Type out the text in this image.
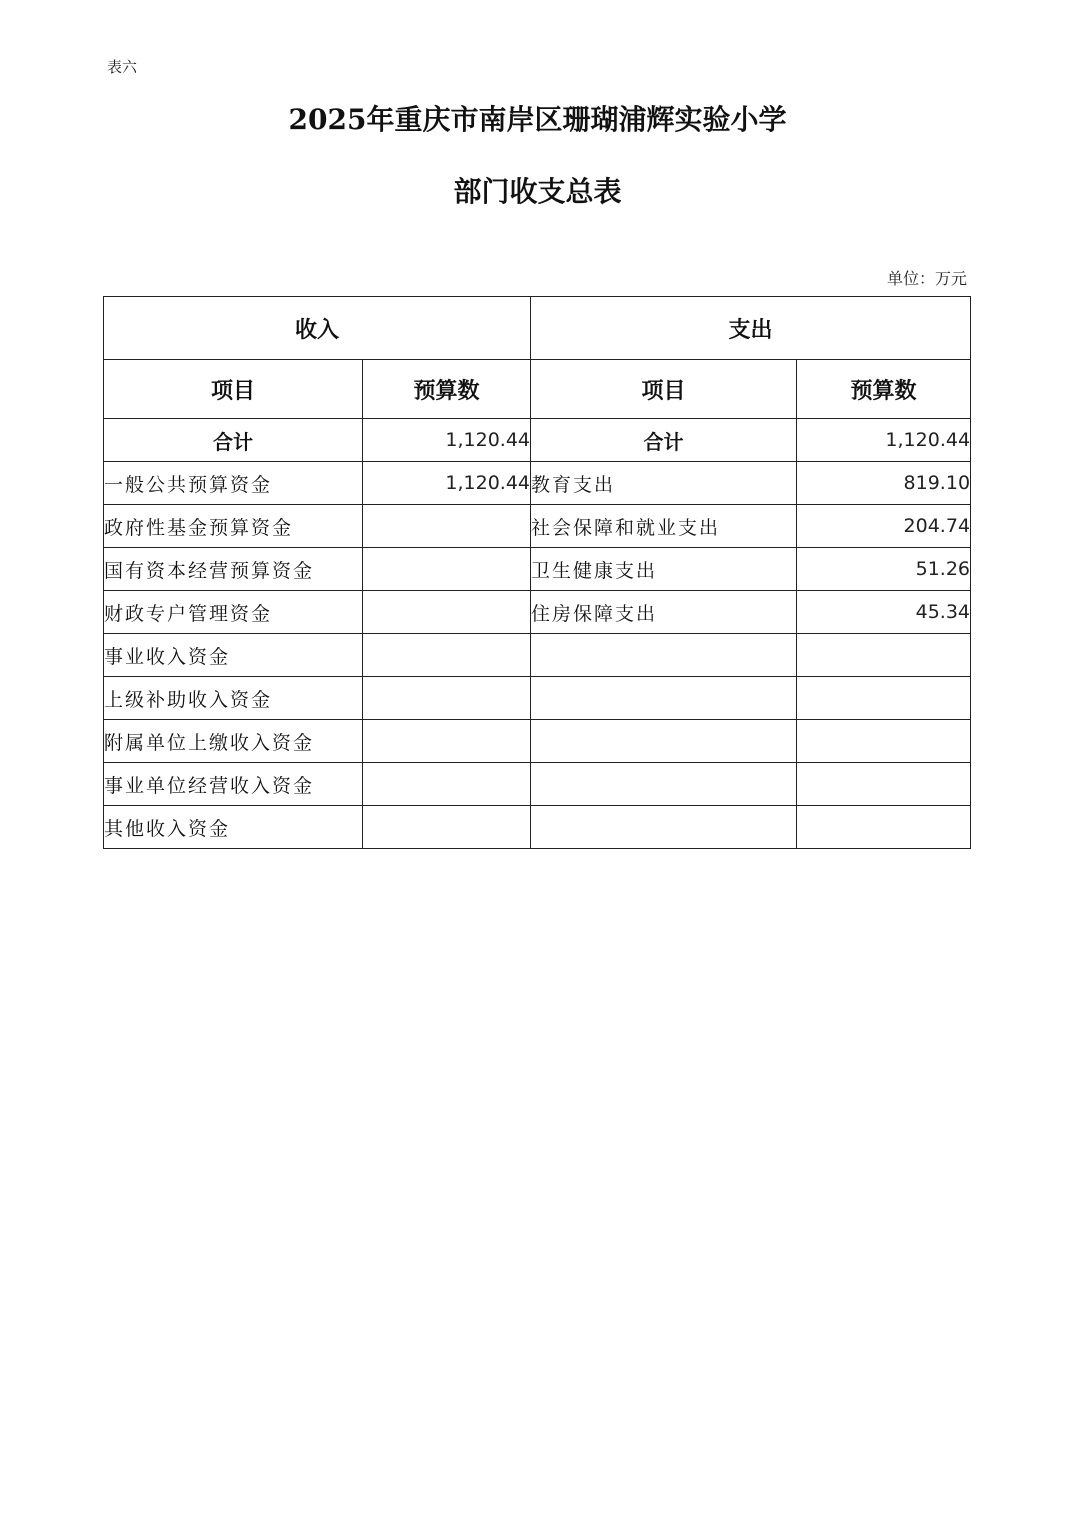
表六
2025年重庆市南岸区珊瑚浦辉实验小学
部门收支总表
单位：万元
收入		支出	
项目	预算数	项目	预算数
合计	1,120.44	合计	1,120.44
一般公共预算资金	1,120.44	教育支出	819.10
政府性基金预算资金		社会保障和就业支出	204.74
国有资本经营预算资金		卫生健康支出	51.26
财政专户管理资金		住房保障支出	45.34
事业收入资金			
上级补助收入资金			
附属单位上缴收入资金			
事业单位经营收入资金			
其他收入资金			
